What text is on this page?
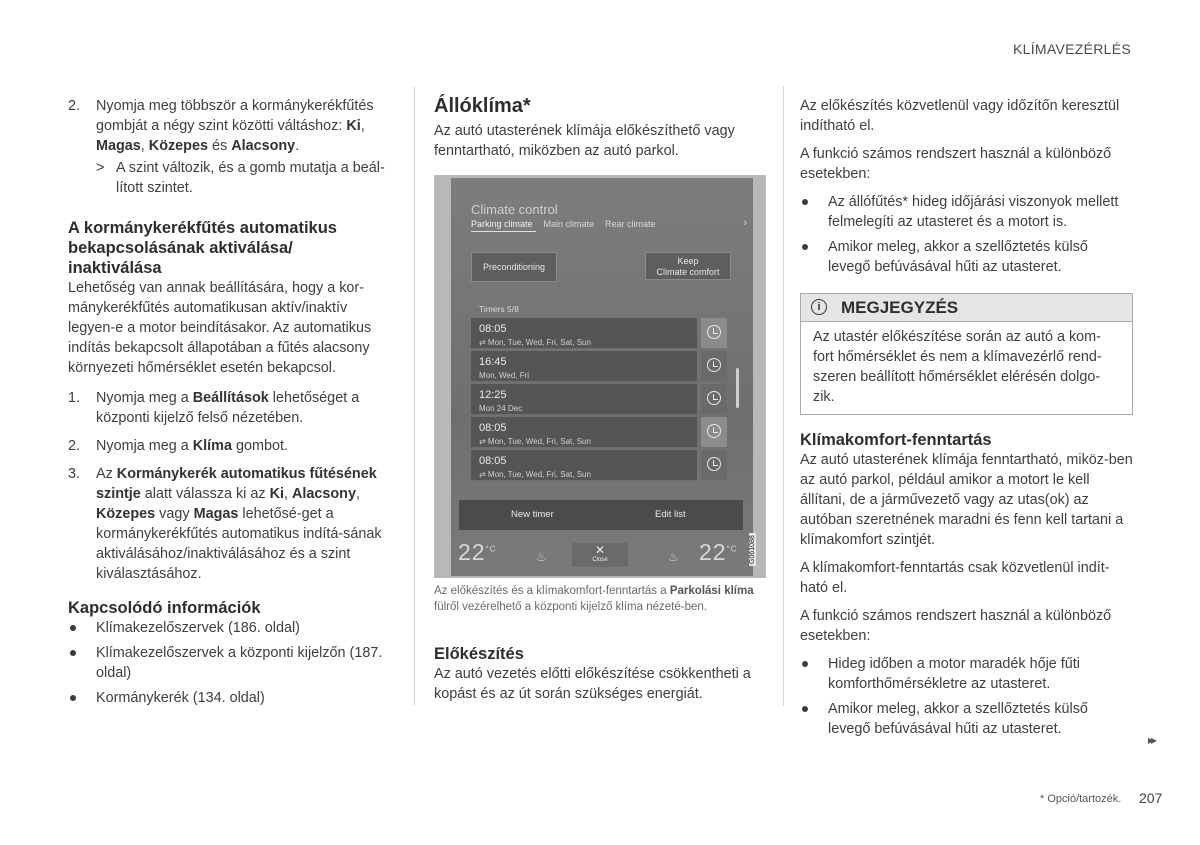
KLÍMAVEZÉRLÉS
2. Nyomja meg többször a kormánykerékfűtés gombját a négy szint közötti váltáshoz: Ki, Magas, Közepes és Alacsony.
> A szint változik, és a gomb mutatja a beál-lított szintet.
A kormánykerékfűtés automatikus bekapcsolásának aktiválása/ inaktiválása

Lehetőség van annak beállítására, hogy a kor-mánykerékfűtés automatikusan aktív/inaktív legyen-e a motor beindításakor. Az automatikus indítás bekapcsolt állapotában a fűtés alacsony környezeti hőmérséklet esetén bekapcsol.

1. Nyomja meg a Beállítások lehetőséget a központi kijelző felső nézetében.
2. Nyomja meg a Klíma gombot.
3. Az Kormánykerék automatikus fűtésének szintje alatt válassza ki az Ki, Alacsony, Közepes vagy Magas lehetősé-get a kormánykerékfűtés automatikus indítá-sának aktiválásához/inaktiválásához és a szint kiválasztásához.
Kapcsolódó információk
Klímakezelőszervek (186. oldal)
Klímakezelőszervek a központi kijelzőn (187. oldal)
Kormánykerék (134. oldal)
Állóklíma*

Az autó utasterének klímája előkészíthető vagy fenntartható, miközben az autó parkol.

Climate control
Parking climate Main climate Rear climate	›
Preconditioning
Keep
Climate comfort
Timers 5/8
08:05
⇄ Mon, Tue, Wed, Fri, Sat, Sun
16:45
Mon, Wed, Fri
12:25
Mon 24 Dec
08:05
⇄ Mon, Tue, Wed, Fri, Sat, Sun
08:05
⇄ Mon, Tue, Wed, Fri, Sat, Sun
New timer	Edit list
$22^{^\circ C}$
♨	✕
Close	♨ $22^{^\circ C}$ G061088

Az előkészítés és a klímakomfort-fenntartás a Parkolási klíma fülről vezérelhető a központi kijelző klíma nézeté-ben.

Előkészítés

Az autó vezetés előtti előkészítése csökkentheti a kopást és az út során szükséges energiát.

Az előkészítés közvetlenül vagy időzítőn keresztül indítható el.

A funkció számos rendszert használ a különböző esetekben:

Az állófűtés* hideg időjárási viszonyok mellett felmelegíti az utasteret és a motort is.
Amikor meleg, akkor a szellőztetés külső levegő befúvásával hűti az utasteret.
i	MEGJEGYZÉS

Az utastér előkészítése során az autó a kom-fort hőmérséklet és nem a klímavezérlő rend-szeren beállított hőmérséklet elérésén dolgo-zik.

Klímakomfort-fenntartás

Az autó utasterének klímája fenntartható, miköz-ben az autó parkol, például amikor a motort le kell állítani, de a járművezető vagy az utas(ok) az autóban szeretnének maradni és fenn kell tartani a klímakomfort szintjét.

A klímakomfort-fenntartás csak közvetlenül indít-ható el.

A funkció számos rendszert használ a különböző esetekben:

Hideg időben a motor maradék hője fűti komforthőmérsékletre az utasteret.
Amikor meleg, akkor a szellőztetés külső levegő befúvásával hűti az utasteret.
▸▸
* Opció/tartozék. 207
